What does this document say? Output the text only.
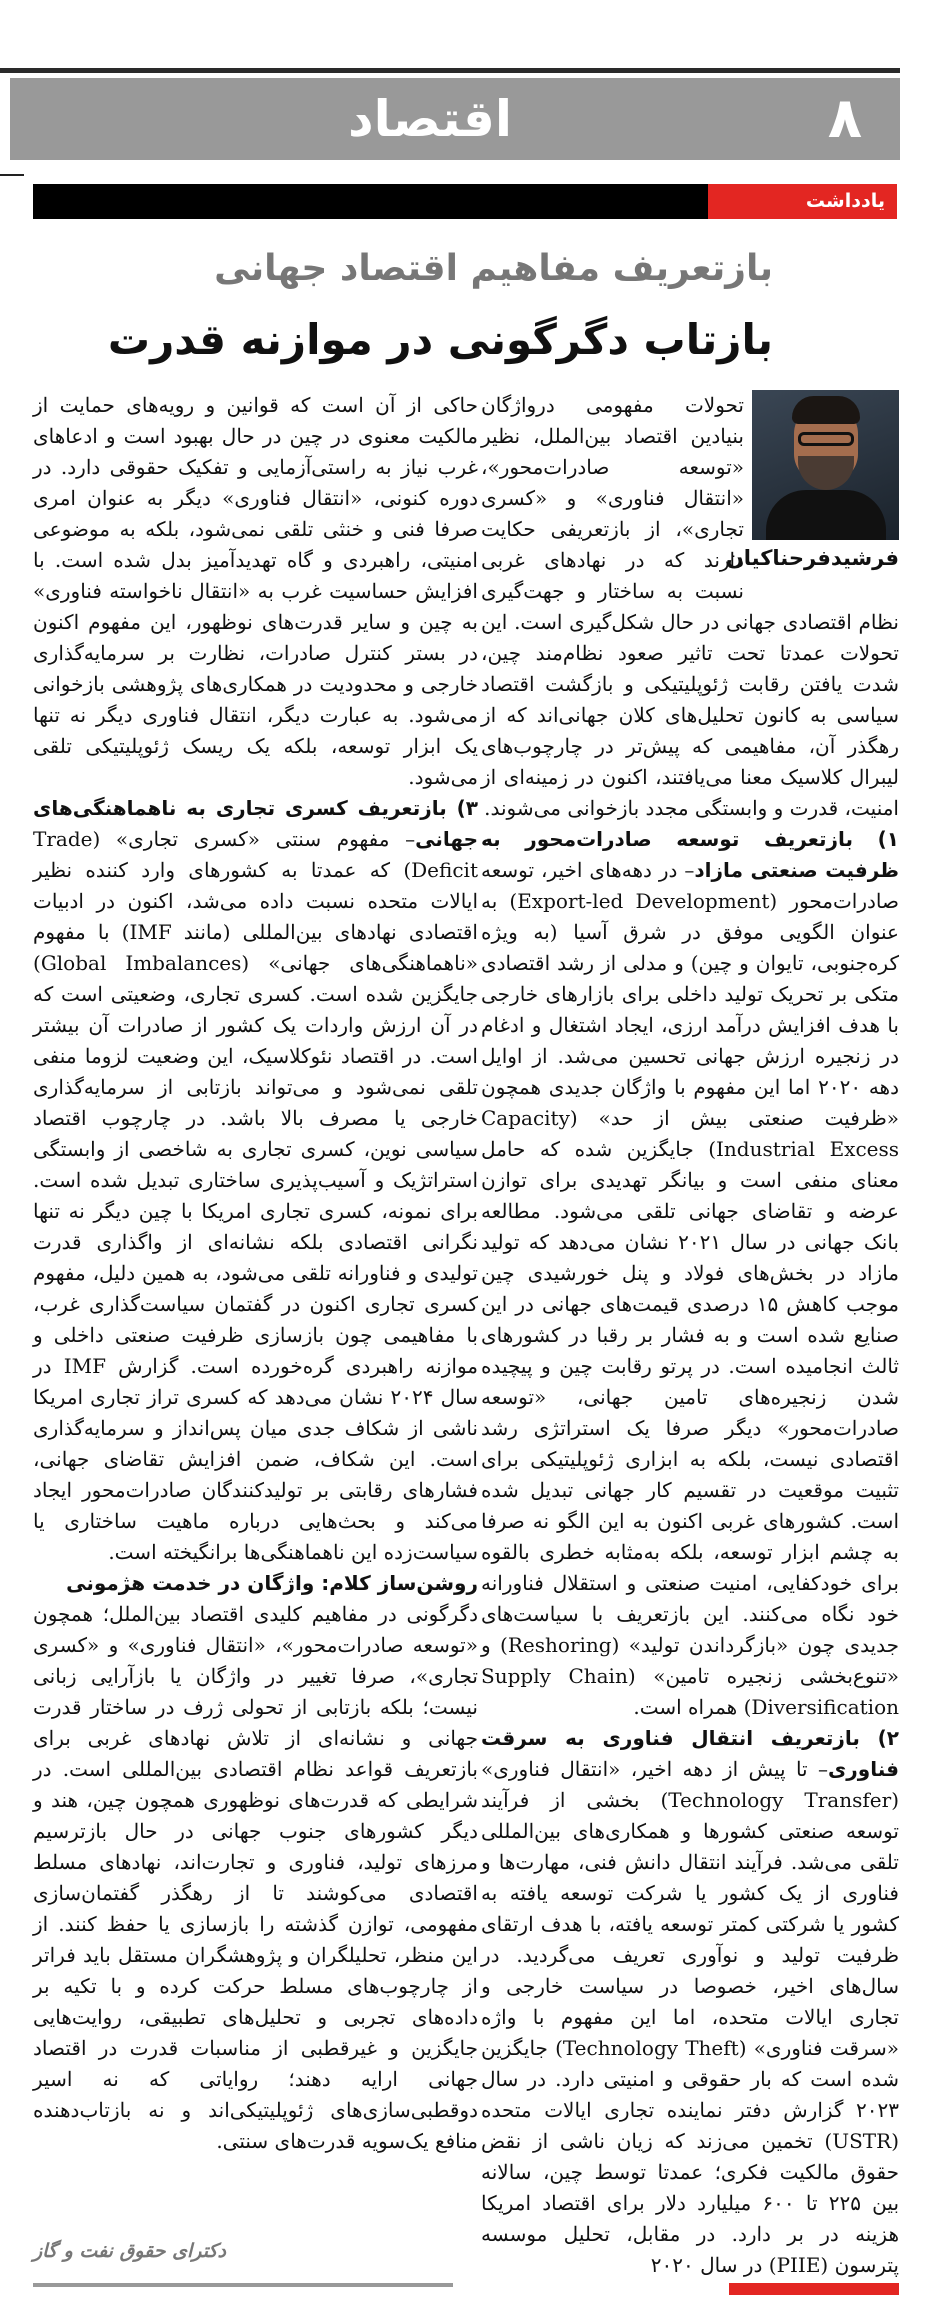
اقتصاد	۸
یادداشت
بازتعریف مفاهیم اقتصاد جهانی
بازتاب دگرگونی در موازنه قدرت
فرشیدفرحناکیان

تحولات مفهومی درواژگان بنیادین اقتصاد بین‌الملل، نظیر «توسعه صادرات‌محور»، «انتقال فناوری» و «کسری تجاری»، از بازتعریفی حکایت دارند که در نهادهای غربی نسبت به ساختار و جهت‌گیری نظام اقتصادی جهانی در حال شکل‌گیری است. این تحولات عمدتا تحت تاثیر صعود نظام‌مند چین، شدت یافتن رقابت ژئوپلیتیکی و بازگشت اقتصاد سیاسی به کانون تحلیل‌های کلان جهانی‌اند که از رهگذر آن، مفاهیمی که پیش‌تر در چارچوب‌های لیبرال کلاسیک معنا می‌یافتند، اکنون در زمینه‌ای از امنیت، قدرت و وابستگی مجدد بازخوانی می‌شوند.

۱) بازتعریف توسعه صادرات‌محور به ظرفیت صنعتی مازاد– در دهه‌های اخیر، توسعه صادرات‌محور (Export-led Development) به عنوان الگویی موفق در شرق آسیا (به ویژه کره‌جنوبی، تایوان و چین) و مدلی از رشد اقتصادی متکی بر تحریک تولید داخلی برای بازارهای خارجی با هدف افزایش درآمد ارزی، ایجاد اشتغال و ادغام در زنجیره ارزش جهانی تحسین می‌شد. از اوایل دهه ۲۰۲۰ اما این مفهوم با واژگان جدیدی همچون «ظرفیت صنعتی بیش از حد» (Capacity Industrial Excess) جایگزین شده که حامل معنای منفی است و بیانگر تهدیدی برای توازن عرضه و تقاضای جهانی تلقی می‌شود. مطالعه بانک جهانی در سال ۲۰۲۱ نشان می‌دهد که تولید مازاد در بخش‌های فولاد و پنل خورشیدی چین موجب کاهش ۱۵ درصدی قیمت‌های جهانی در این صنایع شده است و به فشار بر رقبا در کشورهای ثالث انجامیده است. در پرتو رقابت چین و پیچیده شدن زنجیره‌های تامین جهانی، «توسعه صادرات‌محور» دیگر صرفا یک استراتژی رشد اقتصادی نیست، بلکه به ابزاری ژئوپلیتیکی برای تثبیت موقعیت در تقسیم کار جهانی تبدیل شده است. کشورهای غربی اکنون به این الگو نه صرفا به چشم ابزار توسعه، بلکه به‌مثابه خطری بالقوه برای خودکفایی، امنیت صنعتی و استقلال فناورانه خود نگاه می‌کنند. این بازتعریف با سیاست‌های جدیدی چون «بازگرداندن تولید» (Reshoring) و «تنوع‌بخشی زنجیره تامین» (Supply Chain Diversification) همراه است.

۲) بازتعریف انتقال فناوری به سرقت فناوری– تا پیش از دهه اخیر، «انتقال فناوری» (Technology Transfer) بخشی از فرآیند توسعه صنعتی کشورها و همکاری‌های بین‌المللی تلقی می‌شد. فرآیند انتقال دانش فنی، مهارت‌ها و فناوری از یک کشور یا شرکت توسعه یافته به کشور یا شرکتی کمتر توسعه یافته، با هدف ارتقای ظرفیت تولید و نوآوری تعریف می‌گردید. در سال‌های اخیر، خصوصا در سیاست خارجی و تجاری ایالات متحده، اما این مفهوم با واژه «سرقت فناوری» (Technology Theft) جایگزین شده است که بار حقوقی و امنیتی دارد. در سال ۲۰۲۳ گزارش دفتر نماینده تجاری ایالات متحده (USTR) تخمین می‌زند که زیان ناشی از نقض حقوق مالکیت فکری؛ عمدتا توسط چین، سالانه بین ۲۲۵ تا ۶۰۰ میلیارد دلار برای اقتصاد امریکا هزینه در بر دارد. در مقابل، تحلیل موسسه پترسون (PIIE) در سال ۲۰۲۰

حاکی از آن است که قوانین و رویه‌های حمایت از مالکیت معنوی در چین در حال بهبود است و ادعاهای غرب نیاز به راستی‌آزمایی و تفکیک حقوقی دارد. در دوره کنونی، «انتقال فناوری» دیگر به عنوان امری صرفا فنی و خنثی تلقی نمی‌شود، بلکه به موضوعی امنیتی، راهبردی و گاه تهدیدآمیز بدل شده است. با افزایش حساسیت غرب به «انتقال ناخواسته فناوری» به چین و سایر قدرت‌های نوظهور، این مفهوم اکنون در بستر کنترل صادرات، نظارت بر سرمایه‌گذاری خارجی و محدودیت در همکاری‌های پژوهشی بازخوانی می‌شود. به عبارت دیگر، انتقال فناوری دیگر نه تنها یک ابزار توسعه، بلکه یک ریسک ژئوپلیتیکی تلقی می‌شود.

۳) بازتعریف کسری تجاری به ناهماهنگی‌های جهانی– مفهوم سنتی «کسری تجاری» (Trade Deficit) که عمدتا به کشورهای وارد کننده نظیر ایالات متحده نسبت داده می‌شد، اکنون در ادبیات اقتصادی نهادهای بین‌المللی (مانند IMF) با مفهوم «ناهماهنگی‌های جهانی» (Global Imbalances) جایگزین شده است. کسری تجاری، وضعیتی است که در آن ارزش واردات یک کشور از صادرات آن بیشتر است. در اقتصاد نئوکلاسیک، این وضعیت لزوما منفی تلقی نمی‌شود و می‌تواند بازتابی از سرمایه‌گذاری خارجی یا مصرف بالا باشد. در چارچوب اقتصاد سیاسی نوین، کسری تجاری به شاخصی از وابستگی استراتژیک و آسیب‌پذیری ساختاری تبدیل شده است. برای نمونه، کسری تجاری امریکا با چین دیگر نه تنها نگرانی اقتصادی بلکه نشانه‌ای از واگذاری قدرت تولیدی و فناورانه تلقی می‌شود، به همین دلیل، مفهوم کسری تجاری اکنون در گفتمان سیاست‌گذاری غرب، با مفاهیمی چون بازسازی ظرفیت صنعتی داخلی و موازنه راهبردی گره‌خورده است. گزارش IMF در سال ۲۰۲۴ نشان می‌دهد که کسری تراز تجاری امریکا ناشی از شکاف جدی میان پس‌انداز و سرمایه‌گذاری است. این شکاف، ضمن افزایش تقاضای جهانی، فشارهای رقابتی بر تولیدکنندگان صادرات‌محور ایجاد می‌کند و بحث‌هایی درباره ماهیت ساختاری یا سیاست‌زده این ناهماهنگی‌ها برانگیخته است.

روشن‌ساز کلام: واژگان در خدمت هژمونی

دگرگونی در مفاهیم کلیدی اقتصاد بین‌الملل؛ همچون «توسعه صادرات‌محور»، «انتقال فناوری» و «کسری تجاری»، صرفا تغییر در واژگان یا بازآرایی زبانی نیست؛ بلکه بازتابی از تحولی ژرف در ساختار قدرت جهانی و نشانه‌ای از تلاش نهادهای غربی برای بازتعریف قواعد نظام اقتصادی بین‌المللی است. در شرایطی که قدرت‌های نوظهوری همچون چین، هند و دیگر کشورهای جنوب جهانی در حال بازترسیم مرزهای تولید، فناوری و تجارت‌اند، نهادهای مسلط اقتصادی می‌کوشند تا از رهگذر گفتمان‌سازی مفهومی، توازن گذشته را بازسازی یا حفظ کنند. از این منظر، تحلیلگران و پژوهشگران مستقل باید فراتر از چارچوب‌های مسلط حرکت کرده و با تکیه بر داده‌های تجربی و تحلیل‌های تطبیقی، روایت‌هایی جایگزین و غیرقطبی از مناسبات قدرت در اقتصاد جهانی ارایه دهند؛ روایاتی که نه اسیر دوقطبی‌سازی‌های ژئوپلیتیکی‌اند و نه بازتاب‌دهنده منافع یک‌سویه قدرت‌های سنتی.

دکترای حقوق نفت و گاز
